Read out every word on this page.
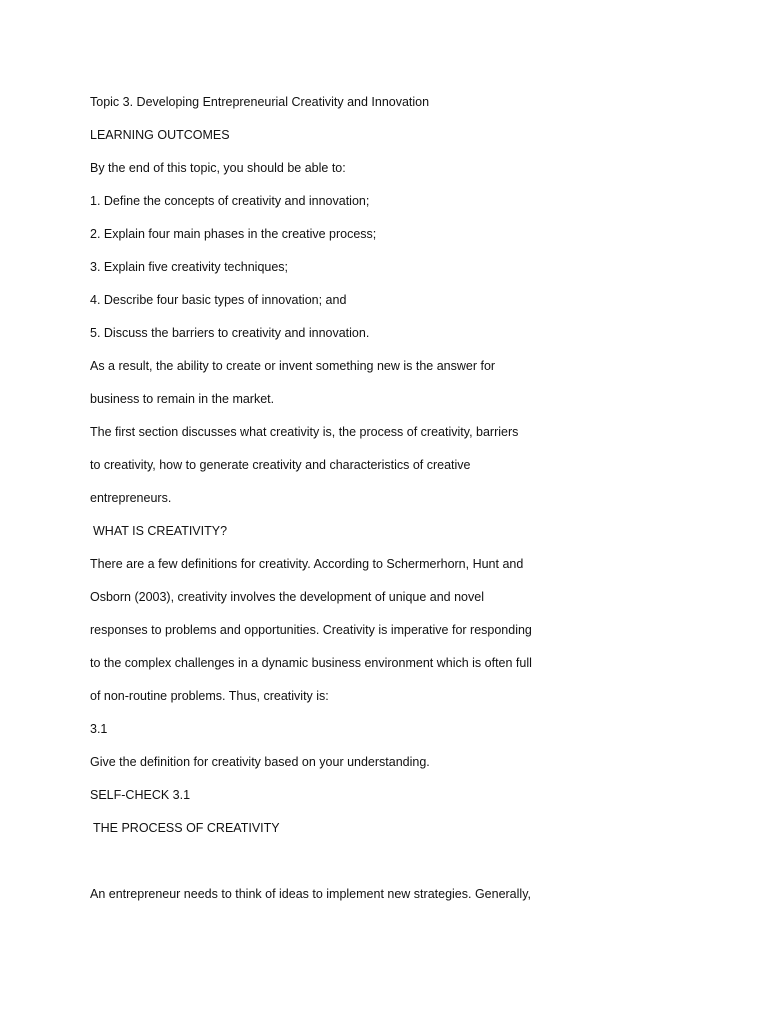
Topic 3. Developing Entrepreneurial Creativity and Innovation
LEARNING OUTCOMES
By the end of this topic, you should be able to:
1. Define the concepts of creativity and innovation;
2. Explain four main phases in the creative process;
3. Explain five creativity techniques;
4. Describe four basic types of innovation; and
5. Discuss the barriers to creativity and innovation.
As a result, the ability to create or invent something new is the answer for
business to remain in the market.
The first section discusses what creativity is, the process of creativity, barriers
to creativity, how to generate creativity and characteristics of creative
entrepreneurs.
WHAT IS CREATIVITY?
There are a few definitions for creativity. According to Schermerhorn, Hunt and
Osborn (2003), creativity involves the development of unique and novel
responses to problems and opportunities. Creativity is imperative for responding
to the complex challenges in a dynamic business environment which is often full
of non-routine problems. Thus, creativity is:
3.1
Give the definition for creativity based on your understanding.
SELF-CHECK 3.1
THE PROCESS OF CREATIVITY
An entrepreneur needs to think of ideas to implement new strategies. Generally,
